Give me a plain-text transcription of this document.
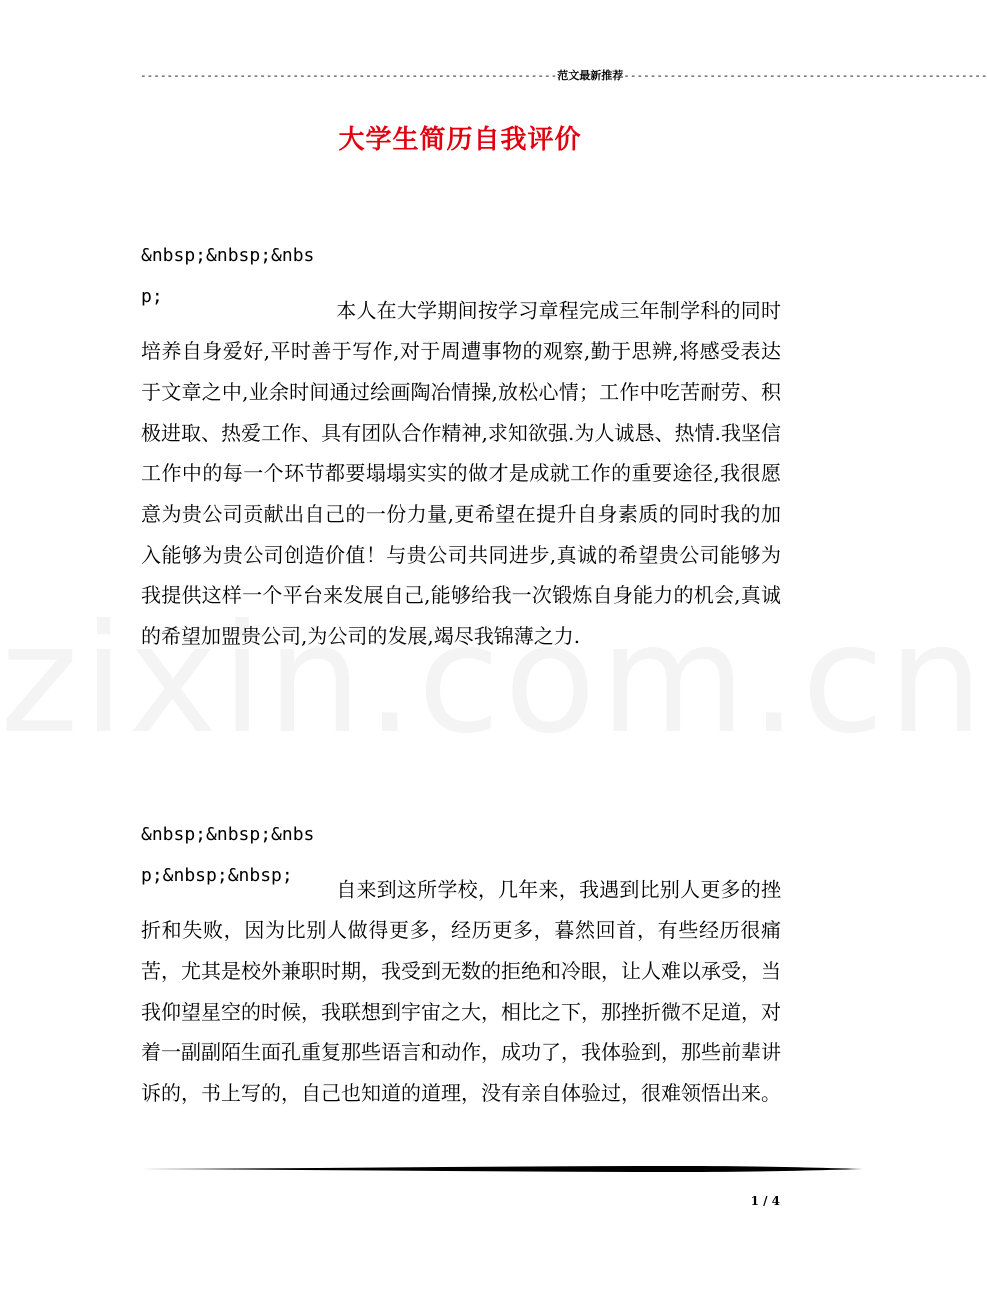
---------------------------------------------------------------范文最新推荐-------------------------------------------------------
大学生简历自我评价
&nbsp;&nbsp;&nbsp;
本人在大学期间按学习章程完成三年制学科的同时培养自身爱好,平时善于写作,对于周遭事物的观察,勤于思辨,将感受表达于文章之中,业余时间通过绘画陶冶情操,放松心情；工作中吃苦耐劳、积极进取、热爱工作、具有团队合作精神,求知欲强.为人诚恳、热情.我坚信工作中的每一个环节都要塌塌实实的做才是成就工作的重要途径,我很愿意为贵公司贡献出自己的一份力量,更希望在提升自身素质的同时我的加入能够为贵公司创造价值！与贵公司共同进步,真诚的希望贵公司能够为我提供这样一个平台来发展自己,能够给我一次锻炼自身能力的机会,真诚的希望加盟贵公司,为公司的发展,竭尽我锦薄之力.
&nbsp;&nbsp;&nbsp;&nbsp;&nbsp;
自来到这所学校，几年来，我遇到比别人更多的挫折和失败，因为比别人做得更多，经历更多，暮然回首，有些经历很痛苦，尤其是校外兼职时期，我受到无数的拒绝和冷眼，让人难以承受，当我仰望星空的时候，我联想到宇宙之大，相比之下，那挫折微不足道，对着一副副陌生面孔重复那些语言和动作，成功了，我体验到，那些前辈讲诉的，书上写的，自己也知道的道理，没有亲自体验过，很难领悟出来。
1 / 4
